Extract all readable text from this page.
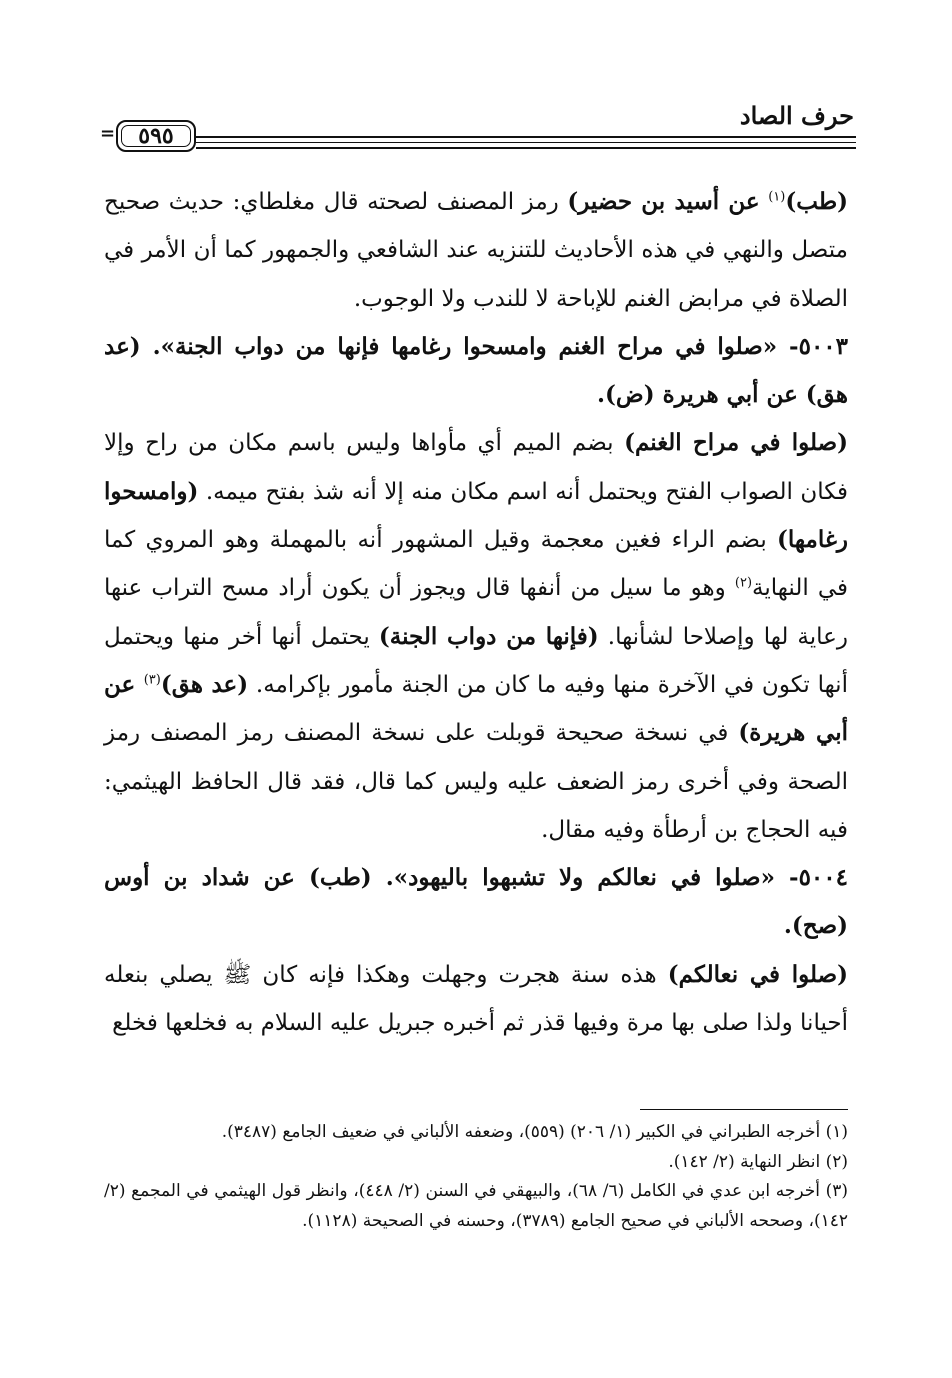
حرف الصاد
=	٥٩٥

(طب)$^{(١)}$ عن أسيد بن حضير) رمز المصنف لصحته قال مغلطاي: حديث صحيح متصل والنهي في هذه الأحاديث للتنزيه عند الشافعي والجمهور كما أن الأمر في الصلاة في مرابض الغنم للإباحة لا للندب ولا الوجوب.

٥٠٠٣- «صلوا في مراح الغنم وامسحوا رغامها فإنها من دواب الجنة». (عد هق) عن أبي هريرة (ض).

(صلوا في مراح الغنم) بضم الميم أي مأواها وليس باسم مكان من راح وإلا فكان الصواب الفتح ويحتمل أنه اسم مكان منه إلا أنه شذ بفتح ميمه. (وامسحوا رغامها) بضم الراء فغين معجمة وقيل المشهور أنه بالمهملة وهو المروي كما في النهاية$^{(٢)}$ وهو ما سيل من أنفها قال ويجوز أن يكون أراد مسح التراب عنها رعاية لها وإصلاحا لشأنها. (فإنها من دواب الجنة) يحتمل أنها أخر منها ويحتمل أنها تكون في الآخرة منها وفيه ما كان من الجنة مأمور بإكرامه. (عد هق)$^{(٣)}$ عن أبي هريرة) في نسخة صحيحة قوبلت على نسخة المصنف رمز المصنف رمز الصحة وفي أخرى رمز الضعف عليه وليس كما قال، فقد قال الحافظ الهيثمي: فيه الحجاج بن أرطأة وفيه مقال.

٥٠٠٤- «صلوا في نعالكم ولا تشبهوا باليهود». (طب) عن شداد بن أوس (صح).

(صلوا في نعالكم) هذه سنة هجرت وجهلت وهكذا فإنه كان ﷺ يصلي بنعله أحيانا ولذا صلى بها مرة وفيها قذر ثم أخبره جبريل عليه السلام به فخلعها فخلع

(١) أخرجه الطبراني في الكبير (١/ ٢٠٦) (٥٥٩)، وضعفه الألباني في ضعيف الجامع (٣٤٨٧).

(٢) انظر النهاية (٢/ ١٤٢).

(٣) أخرجه ابن عدي في الكامل (٦/ ٦٨)، والبيهقي في السنن (٢/ ٤٤٨)، وانظر قول الهيثمي في المجمع (٢/ ١٤٢)، وصححه الألباني في صحيح الجامع (٣٧٨٩)، وحسنه في الصحيحة (١١٢٨).
